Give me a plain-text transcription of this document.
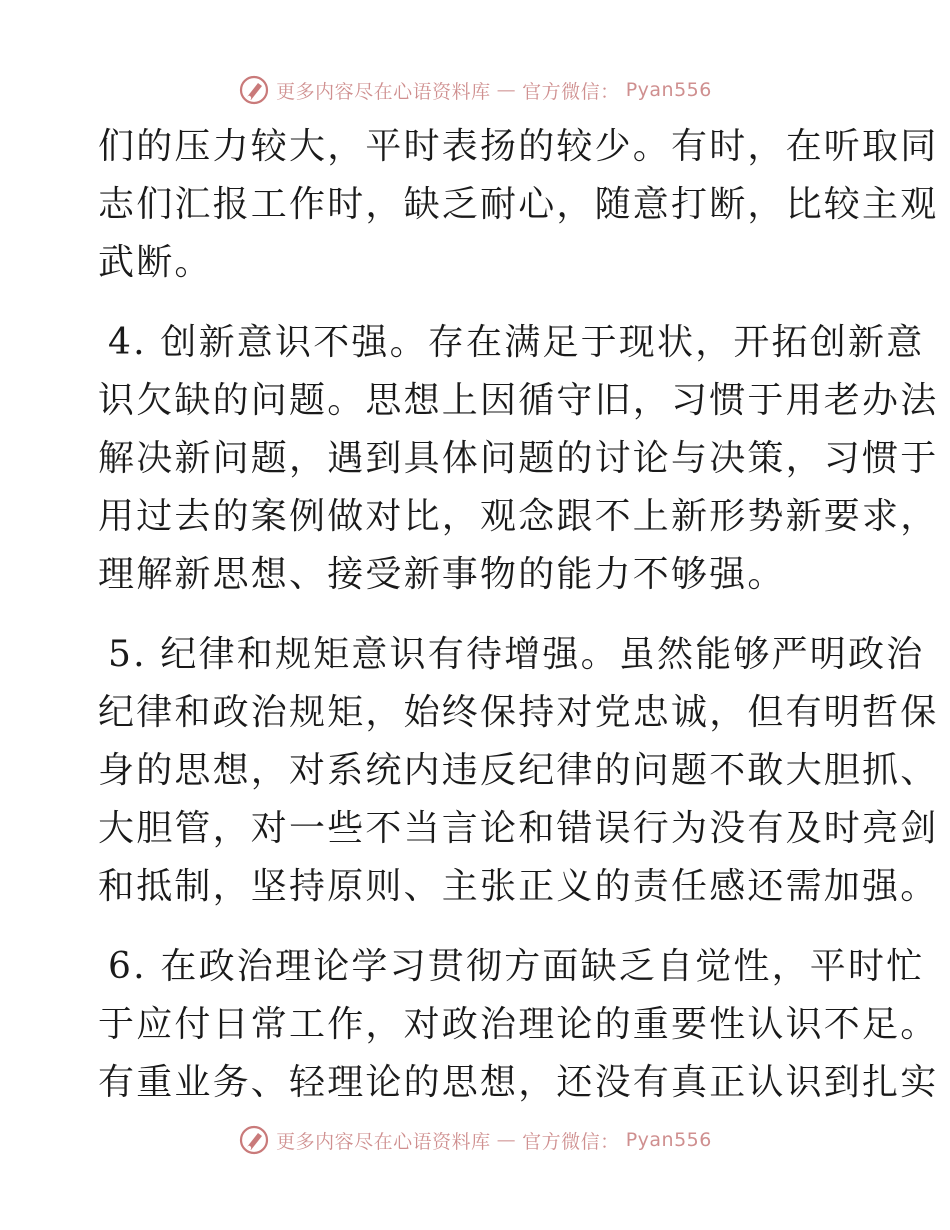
更多内容尽在心语资料库 — 官方微信： Pyan556
们的压力较大，平时表扬的较少。有时，在听取同
志们汇报工作时，缺乏耐心，随意打断，比较主观
武断。
4. 创新意识不强。存在满足于现状，开拓创新意
识欠缺的问题。思想上因循守旧，习惯于用老办法
解决新问题，遇到具体问题的讨论与决策，习惯于
用过去的案例做对比，观念跟不上新形势新要求，
理解新思想、接受新事物的能力不够强。
5. 纪律和规矩意识有待增强。虽然能够严明政治
纪律和政治规矩，始终保持对党忠诚，但有明哲保
身的思想，对系统内违反纪律的问题不敢大胆抓、
大胆管，对一些不当言论和错误行为没有及时亮剑
和抵制，坚持原则、主张正义的责任感还需加强。
6. 在政治理论学习贯彻方面缺乏自觉性，平时忙
于应付日常工作，对政治理论的重要性认识不足。
有重业务、轻理论的思想，还没有真正认识到扎实
更多内容尽在心语资料库 — 官方微信： Pyan556
